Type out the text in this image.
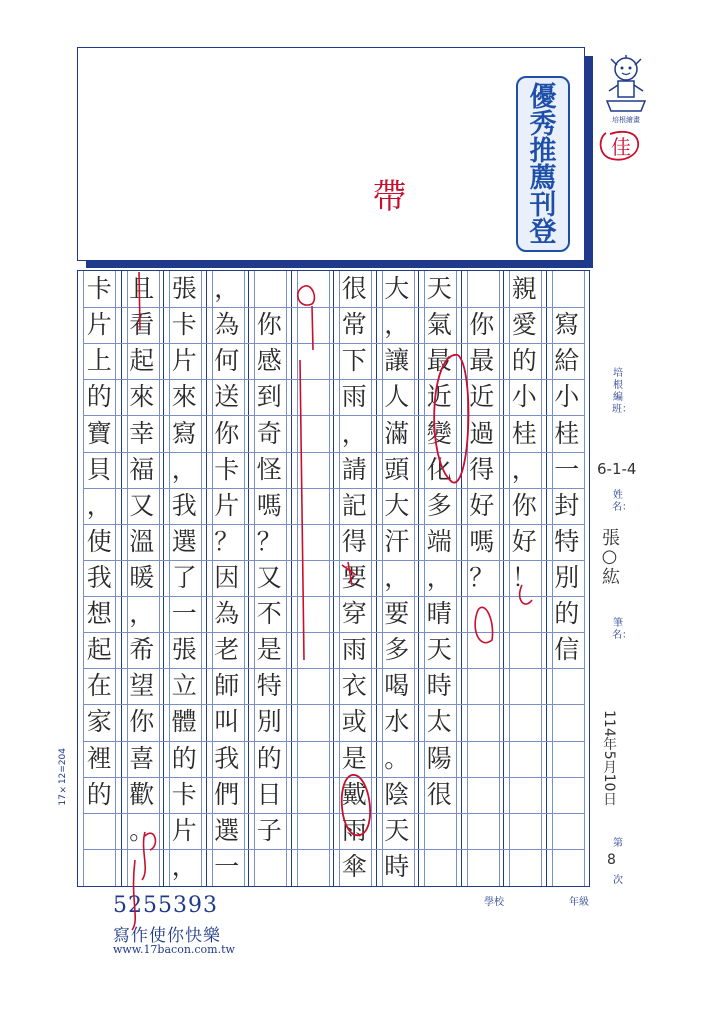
優
秀
推
薦
刊
登
帶
培根繪畫
佳
寫
給
小
桂
一
封
特
別
的
信
親
愛
的
小
桂
，
你
好
！
你
最
近
過
得
好
嗎
？
天
氣
最
近
變
化
多
端
，
晴
天
時
太
陽
很
大
，
讓
人
滿
頭
大
汗
，
要
多
喝
水
。
陰
天
時
很
常
下
雨
，
請
記
得
要
穿
雨
衣
或
是
戴
雨
傘
你
感
到
奇
怪
嗎
？
又
不
是
特
別
的
日
子
，
為
何
送
你
卡
片
？
因
為
老
師
叫
我
們
選
一
張
卡
片
來
寫
，
我
選
了
一
張
立
體
的
卡
片
，
且
看
起
來
幸
福
又
溫
暖
，
希
望
你
喜
歡
。
卡
片
上
的
寶
貝
，
使
我
想
起
在
家
裡
的
培根編班：
6-1-4
姓名：
張○紘
筆名：
114年5月10日
第
8
次
學校	年級
17×12=204
5255393
寫作使你快樂
www.17bacon.com.tw
